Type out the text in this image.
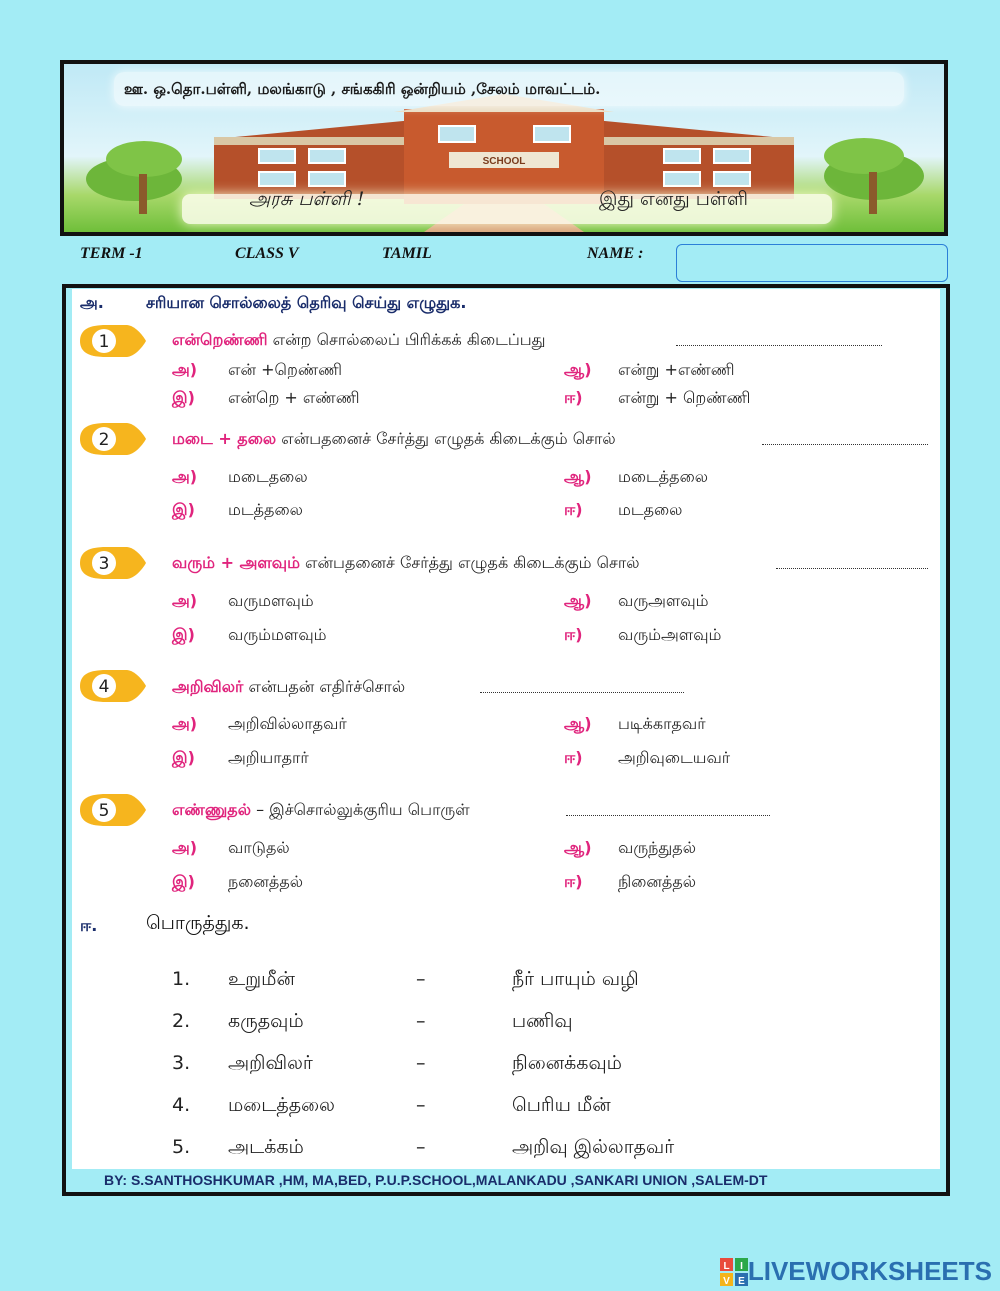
SCHOOL
ஊ. ஒ.தொ.பள்ளி, மலங்காடு , சங்ககிரி ஒன்றியம் ,சேலம் மாவட்டம்.
அரசு பள்ளி !	இது எனது பள்ளி
TERM -1	CLASS V	TAMIL	NAME :
அ.	சரியான சொல்லைத் தெரிவு செய்து எழுதுக.
1
2
3
4
5
என்றெண்ணி என்ற சொல்லைப் பிரிக்கக் கிடைப்பது
அ) என் +றெண்ணி	ஆ) என்று +எண்ணி
இ) என்றெ + எண்ணி	ஈ) என்று + றெண்ணி
மடை + தலை என்பதனைச் சேர்த்து எழுதக் கிடைக்கும் சொல்
அ) மடைதலை	ஆ) மடைத்தலை
இ) மடத்தலை	ஈ) மடதலை
வரும் + அளவும் என்பதனைச் சேர்த்து எழுதக் கிடைக்கும் சொல்
அ) வருமளவும்	ஆ) வருஅளவும்
இ) வரும்மளவும்	ஈ) வரும்அளவும்
அறிவிலர் என்பதன் எதிர்ச்சொல்
அ) அறிவில்லாதவர்	ஆ) படிக்காதவர்
இ) அறியாதார்	ஈ) அறிவுடையவர்
எண்ணுதல் – இச்சொல்லுக்குரிய பொருள்
அ) வாடுதல்	ஆ) வருந்துதல்
இ) நனைத்தல்	ஈ) நினைத்தல்
ஈ.	பொருத்துக.
1. உறுமீன்	–	நீர் பாயும் வழி
2. கருதவும்	–	பணிவு
3. அறிவிலர்	–	நினைக்கவும்
4. மடைத்தலை	–	பெரிய மீன்
5. அடக்கம்	–	அறிவு இல்லாதவர்
BY: S.SANTHOSHKUMAR ,HM, MA,BED, P.U.P.SCHOOL,MALANKADU ,SANKARI UNION ,SALEM-DT
L I
V E LIVEWORKSHEETS
